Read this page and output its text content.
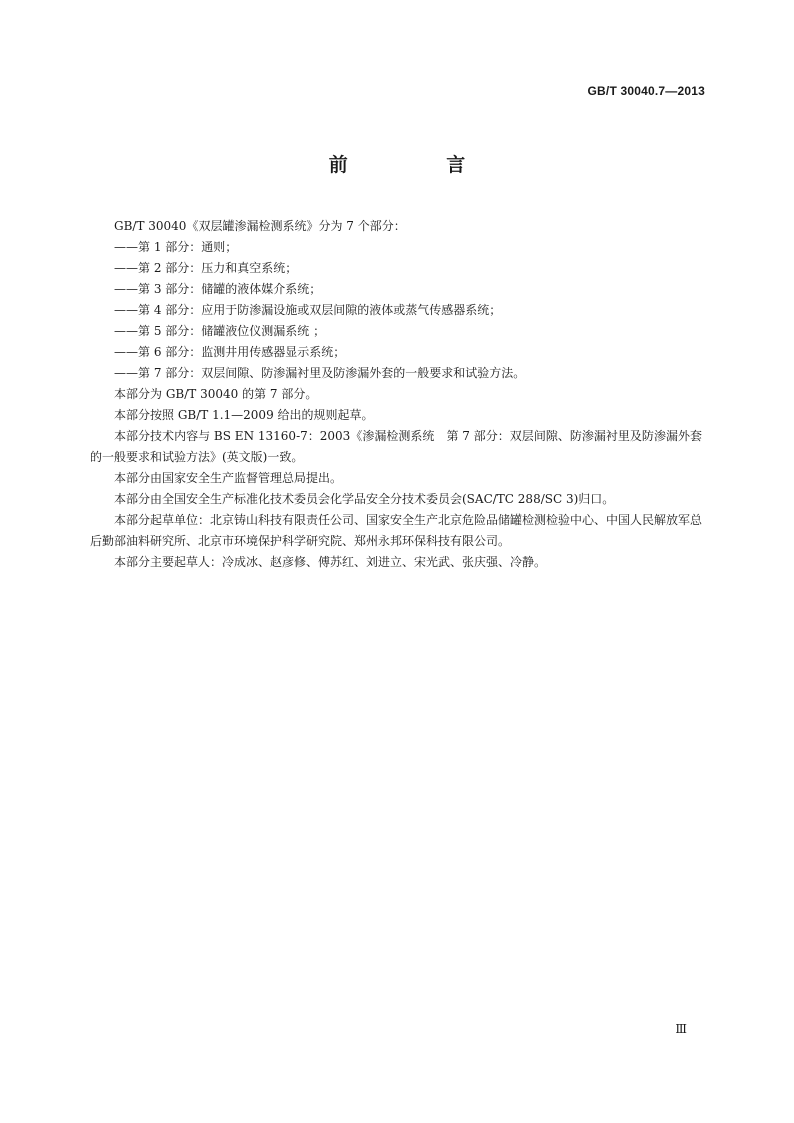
GB/T 30040.7—2013
前 言

GB/T 30040《双层罐渗漏检测系统》分为 7 个部分：

——第 1 部分：通则；

——第 2 部分：压力和真空系统；

——第 3 部分：储罐的液体媒介系统；

——第 4 部分：应用于防渗漏设施或双层间隙的液体或蒸气传感器系统；

——第 5 部分：储罐液位仪测漏系统 ；

——第 6 部分：监测井用传感器显示系统；

——第 7 部分：双层间隙、防渗漏衬里及防渗漏外套的一般要求和试验方法。

本部分为 GB/T 30040 的第 7 部分。

本部分按照 GB/T 1.1—2009 给出的规则起草。

本部分技术内容与 BS EN 13160-7：2003《渗漏检测系统　第 7 部分：双层间隙、防渗漏衬里及防渗漏外套的一般要求和试验方法》(英文版)一致。

本部分由国家安全生产监督管理总局提出。

本部分由全国安全生产标准化技术委员会化学品安全分技术委员会(SAC/TC 288/SC 3)归口。

本部分起草单位：北京铸山科技有限责任公司、国家安全生产北京危险品储罐检测检验中心、中国人民解放军总后勤部油料研究所、北京市环境保护科学研究院、郑州永邦环保科技有限公司。

本部分主要起草人：冷成冰、赵彦修、傅苏红、刘进立、宋光武、张庆强、冷静。

Ⅲ
